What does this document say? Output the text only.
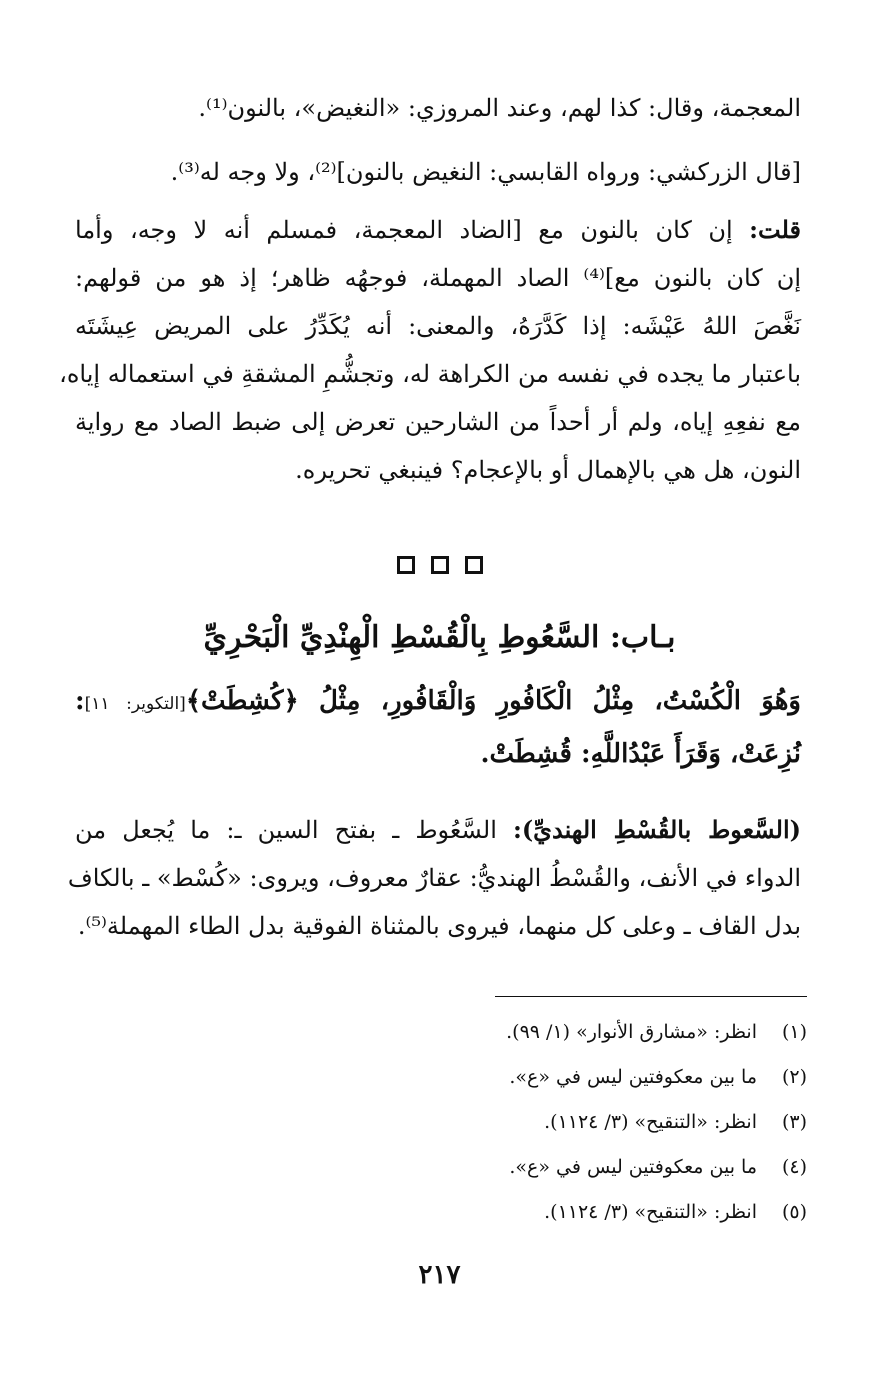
المعجمة، وقال: كذا لهم، وعند المروزي: «النغيض»، بالنون⁽¹⁾.
[قال الزركشي: ورواه القابسي: النغيض بالنون]⁽²⁾، ولا وجه له⁽³⁾.
قلت: إن كان بالنون مع [الضاد المعجمة، فمسلم أنه لا وجه، وأما
إن كان بالنون مع]⁽⁴⁾ الصاد المهملة، فوجهُه ظاهر؛ إذ هو من قولهم:
نَغَّصَ اللهُ عَيْشَه: إذا كَدَّرَهُ، والمعنى: أنه يُكَدِّرُ على المريض عِيشَتَه
باعتبار ما يجده في نفسه من الكراهة له، وتجشُّمِ المشقةِ في استعماله إياه،
مع نفعِهِ إياه، ولم أر أحداً من الشارحين تعرض إلى ضبط الصاد مع رواية
النون، هل هي بالإهمال أو بالإعجام؟ فينبغي تحريره.
بـاب: السَّعُوطِ بِالْقُسْطِ الْهِنْدِيِّ الْبَحْرِيِّ
وَهُوَ الْكُسْتُ، مِثْلُ الْكَافُورِ وَالْقَافُورِ، مِثْلُ ﴿كُشِطَتْ﴾[التكوير: ١١]:
نُزِعَتْ، وَقَرَأَ عَبْدُاللَّهِ: قُشِطَتْ.
(السَّعوط بالقُسْطِ الهنديِّ): السَّعُوط ـ بفتح السين ـ: ما يُجعل من
الدواء في الأنف، والقُسْطُ الهنديُّ: عقارٌ معروف، ويروى: «كُسْط» ـ بالكاف
بدل القاف ـ وعلى كل منهما، فيروى بالمثناة الفوقية بدل الطاء المهملة⁽⁵⁾.
(١)انظر: «مشارق الأنوار» (١/ ٩٩).
(٢)ما بين معكوفتين ليس في «ع».
(٣)انظر: «التنقيح» (٣/ ١١٢٤).
(٤)ما بين معكوفتين ليس في «ع».
(٥)انظر: «التنقيح» (٣/ ١١٢٤).
٢١٧
